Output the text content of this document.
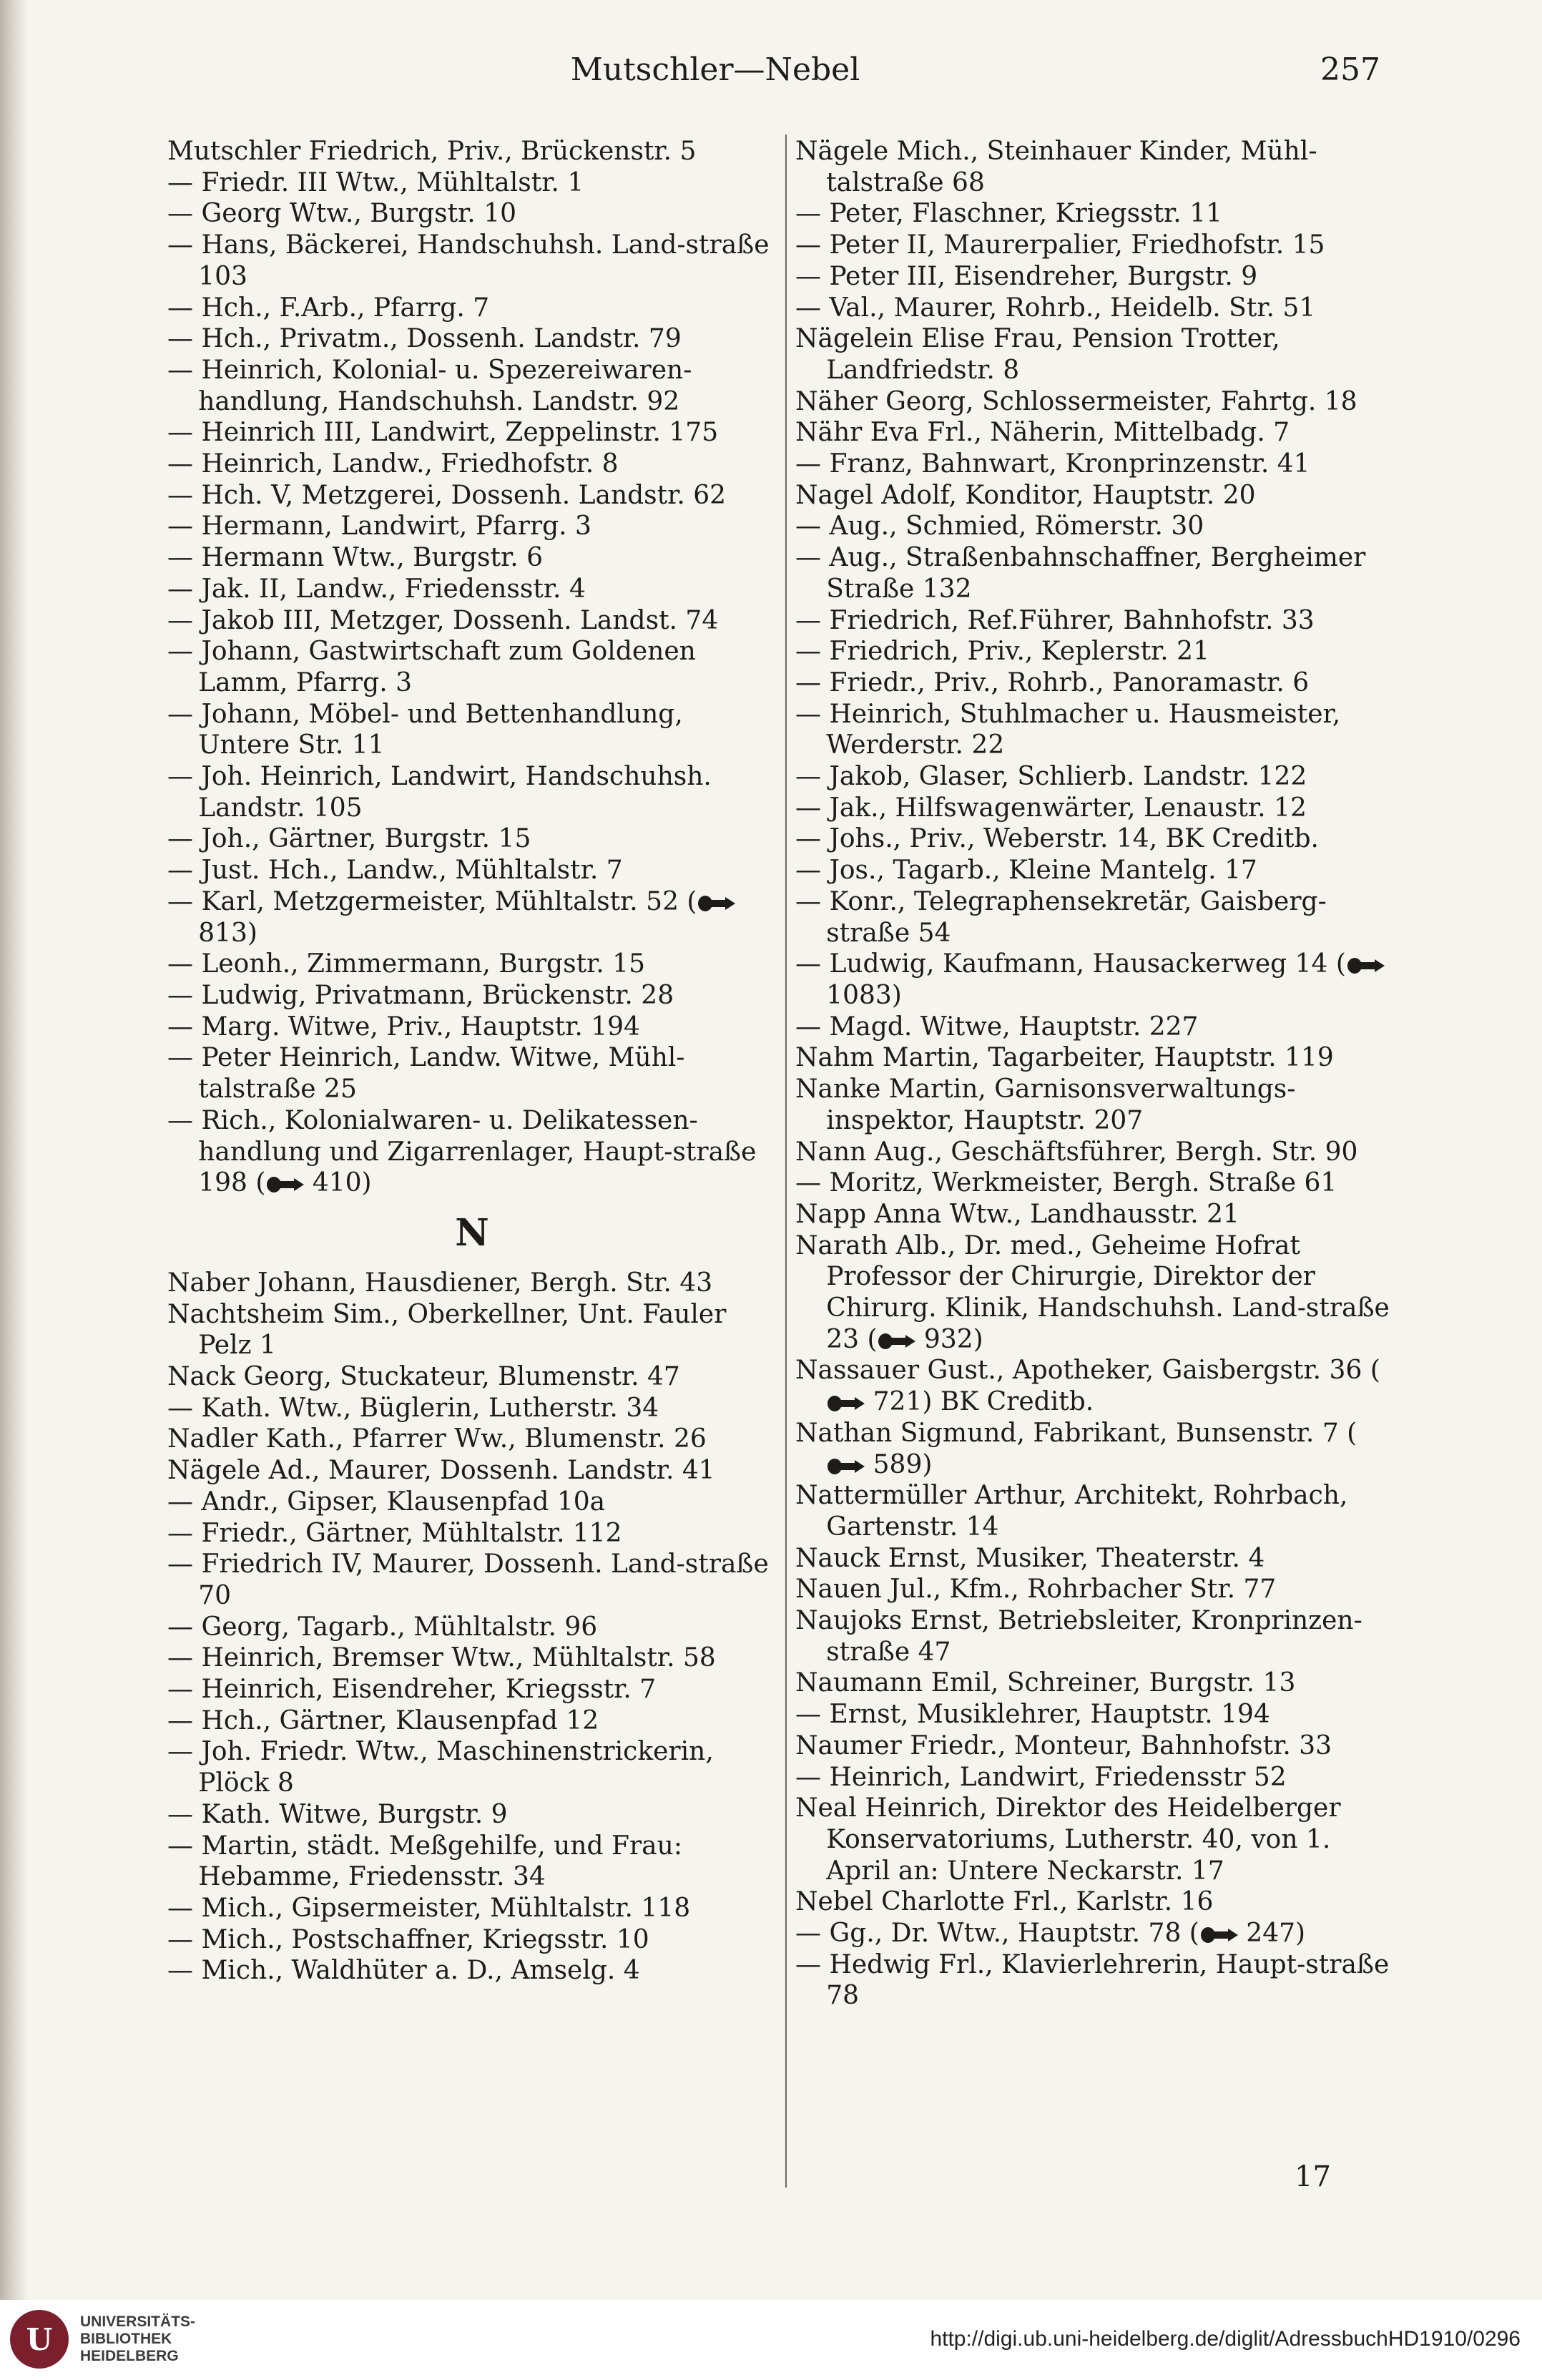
Mutschler—Nebel	257
Mutschler Friedrich, Priv., Brückenstr. 5
— Friedr. III Wtw., Mühltalstr. 1
— Georg Wtw., Burgstr. 10
— Hans, Bäckerei, Handschuhsh. Land-straße 103
— Hch., F.Arb., Pfarrg. 7
— Hch., Privatm., Dossenh. Landstr. 79
— Heinrich, Kolonial- u. Spezereiwaren-handlung, Handschuhsh. Landstr. 92
— Heinrich III, Landwirt, Zeppelinstr. 175
— Heinrich, Landw., Friedhofstr. 8
— Hch. V, Metzgerei, Dossenh. Landstr. 62
— Hermann, Landwirt, Pfarrg. 3
— Hermann Wtw., Burgstr. 6
— Jak. II, Landw., Friedensstr. 4
— Jakob III, Metzger, Dossenh. Landst. 74
— Johann, Gastwirtschaft zum Goldenen Lamm, Pfarrg. 3
— Johann, Möbel- und Bettenhandlung, Untere Str. 11
— Joh. Heinrich, Landwirt, Handschuhsh. Landstr. 105
— Joh., Gärtner, Burgstr. 15
— Just. Hch., Landw., Mühltalstr. 7
— Karl, Metzgermeister, Mühltalstr. 52 ( 813)
— Leonh., Zimmermann, Burgstr. 15
— Ludwig, Privatmann, Brückenstr. 28
— Marg. Witwe, Priv., Hauptstr. 194
— Peter Heinrich, Landw. Witwe, Mühl-talstraße 25
— Rich., Kolonialwaren- u. Delikatessen-handlung und Zigarrenlager, Haupt-straße 198 ( 410)
N
Naber Johann, Hausdiener, Bergh. Str. 43
Nachtsheim Sim., Oberkellner, Unt. Fauler Pelz 1
Nack Georg, Stuckateur, Blumenstr. 47
— Kath. Wtw., Büglerin, Lutherstr. 34
Nadler Kath., Pfarrer Ww., Blumenstr. 26
Nägele Ad., Maurer, Dossenh. Landstr. 41
— Andr., Gipser, Klausenpfad 10a
— Friedr., Gärtner, Mühltalstr. 112
— Friedrich IV, Maurer, Dossenh. Land-straße 70
— Georg, Tagarb., Mühltalstr. 96
— Heinrich, Bremser Wtw., Mühltalstr. 58
— Heinrich, Eisendreher, Kriegsstr. 7
— Hch., Gärtner, Klausenpfad 12
— Joh. Friedr. Wtw., Maschinenstrickerin, Plöck 8
— Kath. Witwe, Burgstr. 9
— Martin, städt. Meßgehilfe, und Frau: Hebamme, Friedensstr. 34
— Mich., Gipsermeister, Mühltalstr. 118
— Mich., Postschaffner, Kriegsstr. 10
— Mich., Waldhüter a. D., Amselg. 4
Nägele Mich., Steinhauer Kinder, Mühl-talstraße 68
— Peter, Flaschner, Kriegsstr. 11
— Peter II, Maurerpalier, Friedhofstr. 15
— Peter III, Eisendreher, Burgstr. 9
— Val., Maurer, Rohrb., Heidelb. Str. 51
Nägelein Elise Frau, Pension Trotter, Landfriedstr. 8
Näher Georg, Schlossermeister, Fahrtg. 18
Nähr Eva Frl., Näherin, Mittelbadg. 7
— Franz, Bahnwart, Kronprinzenstr. 41
Nagel Adolf, Konditor, Hauptstr. 20
— Aug., Schmied, Römerstr. 30
— Aug., Straßenbahnschaffner, Bergheimer Straße 132
— Friedrich, Ref.Führer, Bahnhofstr. 33
— Friedrich, Priv., Keplerstr. 21
— Friedr., Priv., Rohrb., Panoramastr. 6
— Heinrich, Stuhlmacher u. Hausmeister, Werderstr. 22
— Jakob, Glaser, Schlierb. Landstr. 122
— Jak., Hilfswagenwärter, Lenaustr. 12
— Johs., Priv., Weberstr. 14, BK Creditb.
— Jos., Tagarb., Kleine Mantelg. 17
— Konr., Telegraphensekretär, Gaisberg-straße 54
— Ludwig, Kaufmann, Hausackerweg 14 ( 1083)
— Magd. Witwe, Hauptstr. 227
Nahm Martin, Tagarbeiter, Hauptstr. 119
Nanke Martin, Garnisonsverwaltungs-inspektor, Hauptstr. 207
Nann Aug., Geschäftsführer, Bergh. Str. 90
— Moritz, Werkmeister, Bergh. Straße 61
Napp Anna Wtw., Landhausstr. 21
Narath Alb., Dr. med., Geheime Hofrat Professor der Chirurgie, Direktor der Chirurg. Klinik, Handschuhsh. Land-straße 23 ( 932)
Nassauer Gust., Apotheker, Gaisbergstr. 36 ( 721) BK Creditb.
Nathan Sigmund, Fabrikant, Bunsenstr. 7 ( 589)
Nattermüller Arthur, Architekt, Rohrbach, Gartenstr. 14
Nauck Ernst, Musiker, Theaterstr. 4
Nauen Jul., Kfm., Rohrbacher Str. 77
Naujoks Ernst, Betriebsleiter, Kronprinzen-straße 47
Naumann Emil, Schreiner, Burgstr. 13
— Ernst, Musiklehrer, Hauptstr. 194
Naumer Friedr., Monteur, Bahnhofstr. 33
— Heinrich, Landwirt, Friedensstr 52
Neal Heinrich, Direktor des Heidelberger Konservatoriums, Lutherstr. 40, von 1. April an: Untere Neckarstr. 17
Nebel Charlotte Frl., Karlstr. 16
— Gg., Dr. Wtw., Hauptstr. 78 ( 247)
— Hedwig Frl., Klavierlehrerin, Haupt-straße 78
17
U UNIVERSITÄTS-BIBLIOTHEK HEIDELBERG
http://digi.ub.uni-heidelberg.de/diglit/AdressbuchHD1910/0296
